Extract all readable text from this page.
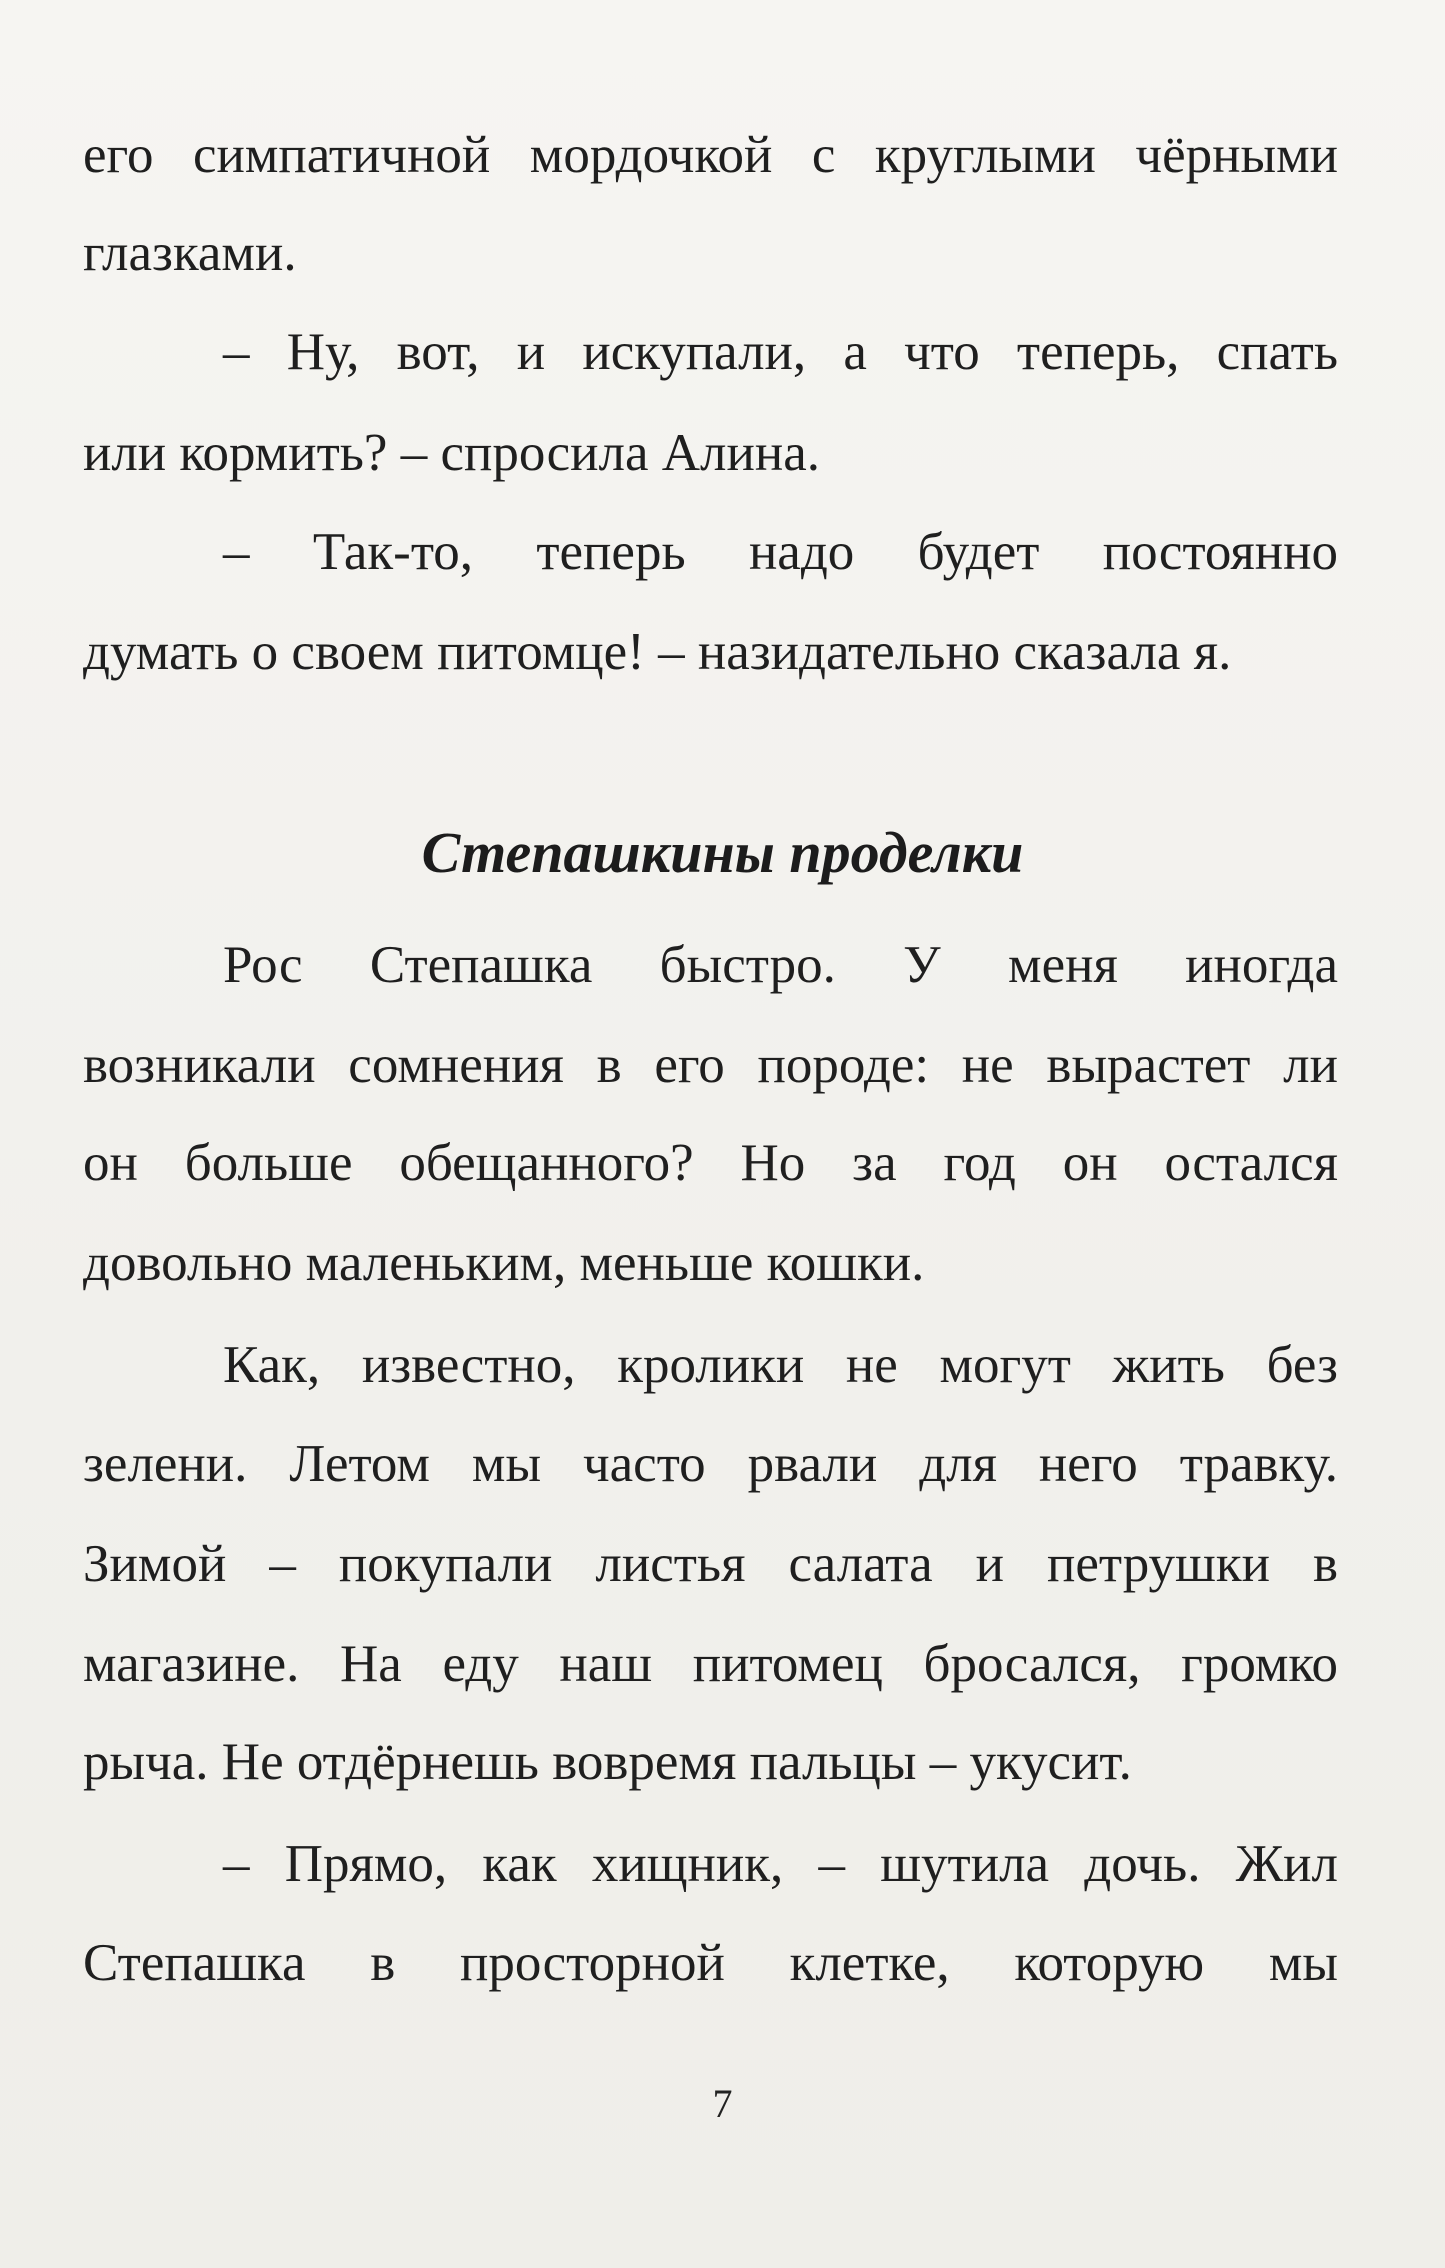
его симпатичной мордочкой с круглыми чёрными
глазками.
– Ну, вот, и искупали, а что теперь, спать
или кормить? – спросила Алина.
– Так-то, теперь надо будет постоянно
думать о своем питомце! – назидательно сказала я.
Степашкины проделки
Рос Степашка быстро. У меня иногда
возникали сомнения в его породе: не вырастет ли
он больше обещанного? Но за год он остался
довольно маленьким, меньше кошки.
Как, известно, кролики не могут жить без
зелени. Летом мы часто рвали для него травку.
Зимой – покупали листья салата и петрушки в
магазине. На еду наш питомец бросался, громко
рыча. Не отдёрнешь вовремя пальцы – укусит.
– Прямо, как хищник, – шутила дочь. Жил
Степашка в просторной клетке, которую мы
7
